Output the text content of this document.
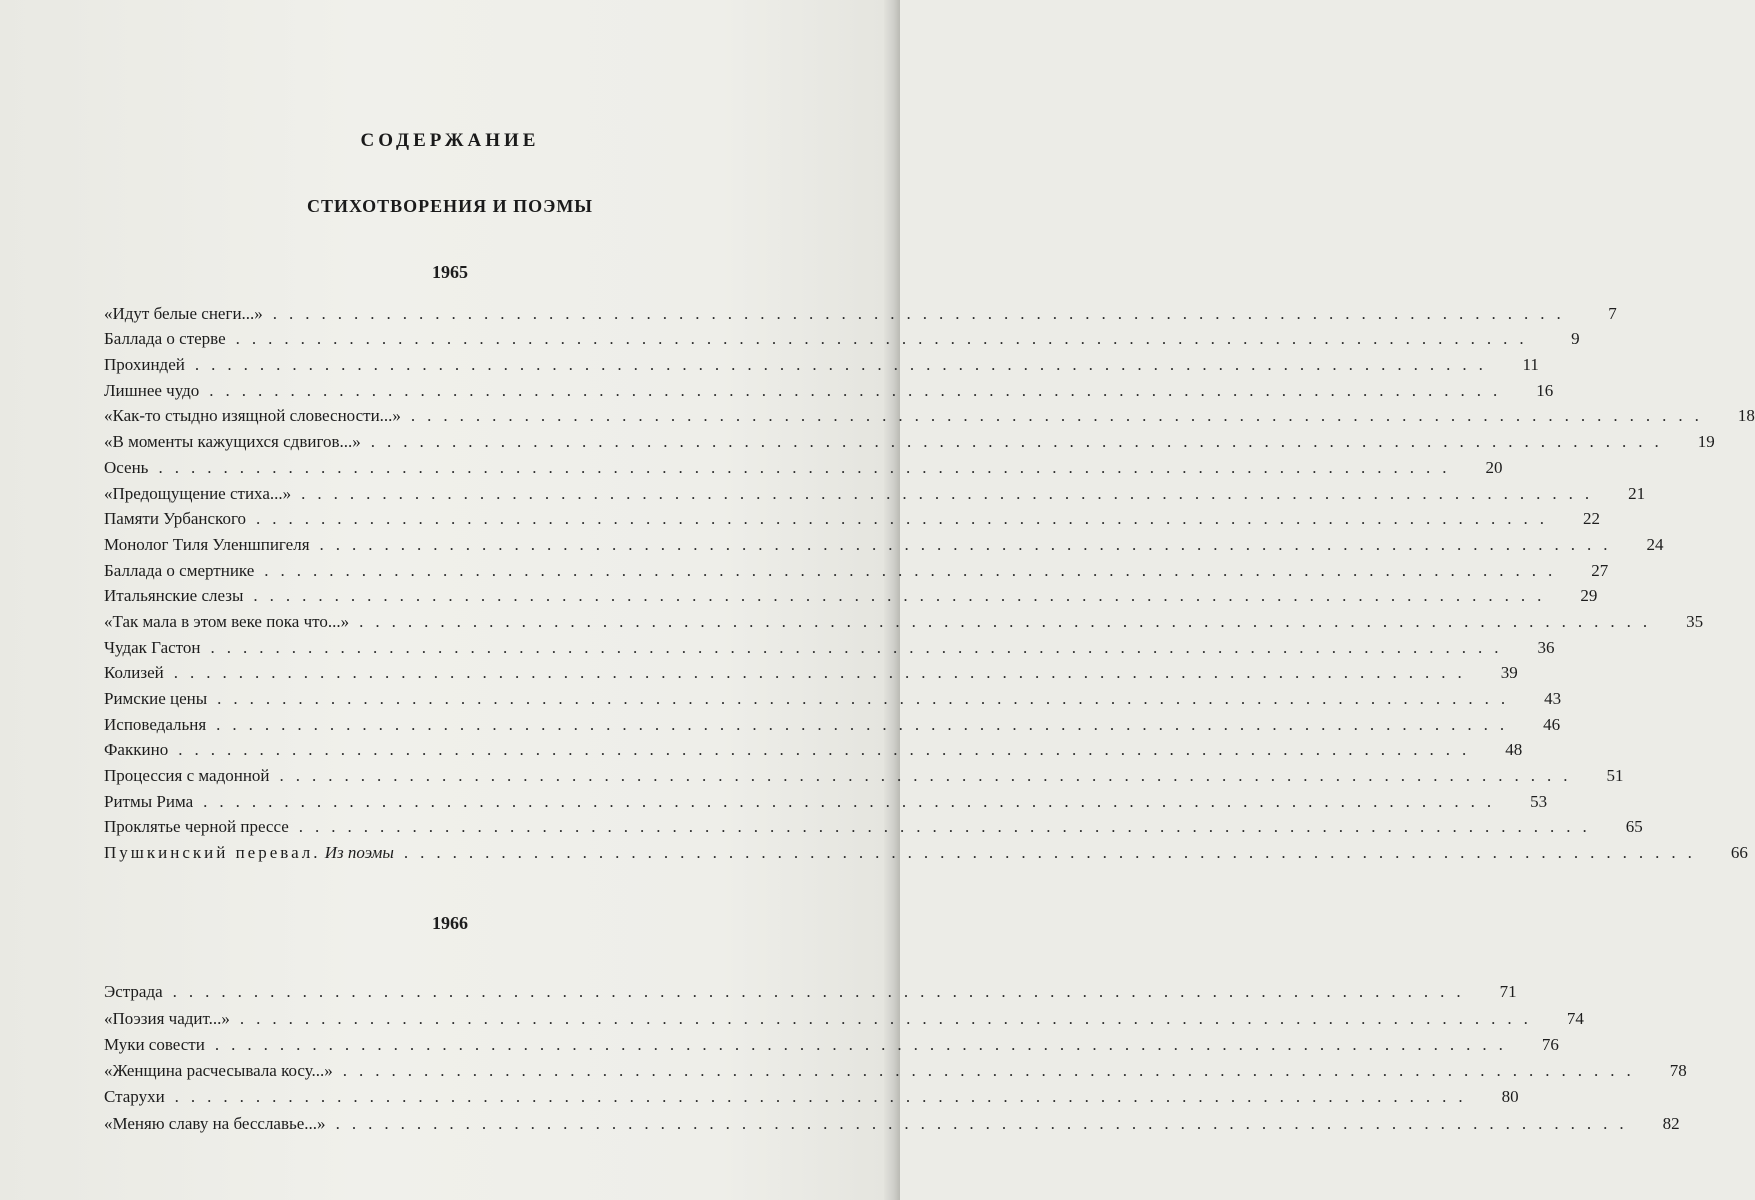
СОДЕРЖАНИЕ
СТИХОТВОРЕНИЯ И ПОЭМЫ
1965
«Идут белые снеги...» ................................................................................	7
Баллада о стерве ................................................................................	9
Прохиндей ................................................................................	11
Лишнее чудо ................................................................................	16
«Как-то стыдно изящной словесности...» ................................................................................	18
«В моменты кажущихся сдвигов...» ................................................................................	19
Осень ................................................................................	20
«Предощущение стиха...» ................................................................................	21
Памяти Урбанского ................................................................................	22
Монолог Тиля Уленшпигеля ................................................................................	24
Баллада о смертнике ................................................................................	27
Итальянские слезы ................................................................................	29
«Так мала в этом веке пока что...» ................................................................................	35
Чудак Гастон ................................................................................	36
Колизей ................................................................................	39
Римские цены ................................................................................	43
Исповедальня ................................................................................	46
Факкино ................................................................................	48
Процессия с мадонной ................................................................................	51
Ритмы Рима ................................................................................	53
Проклятье черной прессе ................................................................................	65
Пушкинский перевал. Из поэмы ................................................................................	66
1966
Эстрада ................................................................................	71
«Поэзия чадит...» ................................................................................	74
Муки совести ................................................................................	76
«Женщина расчесывала косу...» ................................................................................	78
Старухи ................................................................................	80
«Меняю славу на бесславье...» ................................................................................	82
